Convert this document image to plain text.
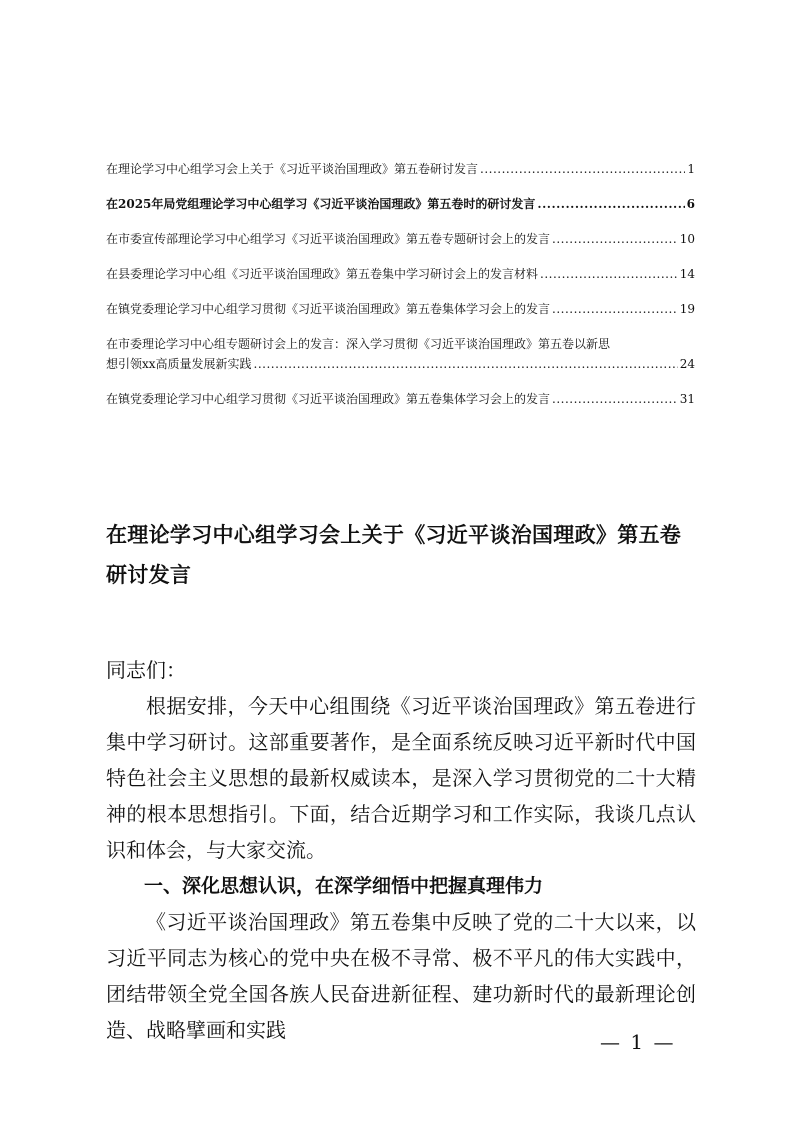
在理论学习中心组学习会上关于《习近平谈治国理政》第五卷研讨发言 .....	1
在2025年局党组理论学习中心组学习《习近平谈治国理政》第五卷时的研讨发言 .....	6
在市委宣传部理论学习中心组学习《习近平谈治国理政》第五卷专题研讨会上的发言 .....	10
在县委理论学习中心组《习近平谈治国理政》第五卷集中学习研讨会上的发言材料 .....	14
在镇党委理论学习中心组学习贯彻《习近平谈治国理政》第五卷集体学习会上的发言 .....	19
在市委理论学习中心组专题研讨会上的发言：深入学习贯彻《习近平谈治国理政》第五卷以新思
想引领xx高质量发展新实践 .....	24
在镇党委理论学习中心组学习贯彻《习近平谈治国理政》第五卷集体学习会上的发言 .....	31
在理论学习中心组学习会上关于《习近平谈治国理政》第五卷研讨发言

同志们：

根据安排，今天中心组围绕《习近平谈治国理政》第五卷进行集中学习研讨。这部重要著作，是全面系统反映习近平新时代中国特色社会主义思想的最新权威读本，是深入学习贯彻党的二十大精神的根本思想指引。下面，结合近期学习和工作实际，我谈几点认识和体会，与大家交流。

一、深化思想认识，在深学细悟中把握真理伟力

《习近平谈治国理政》第五卷集中反映了党的二十大以来，以习近平同志为核心的党中央在极不寻常、极不平凡的伟大实践中，团结带领全党全国各族人民奋进新征程、建功新时代的最新理论创造、战略擘画和实践	— 1 —
